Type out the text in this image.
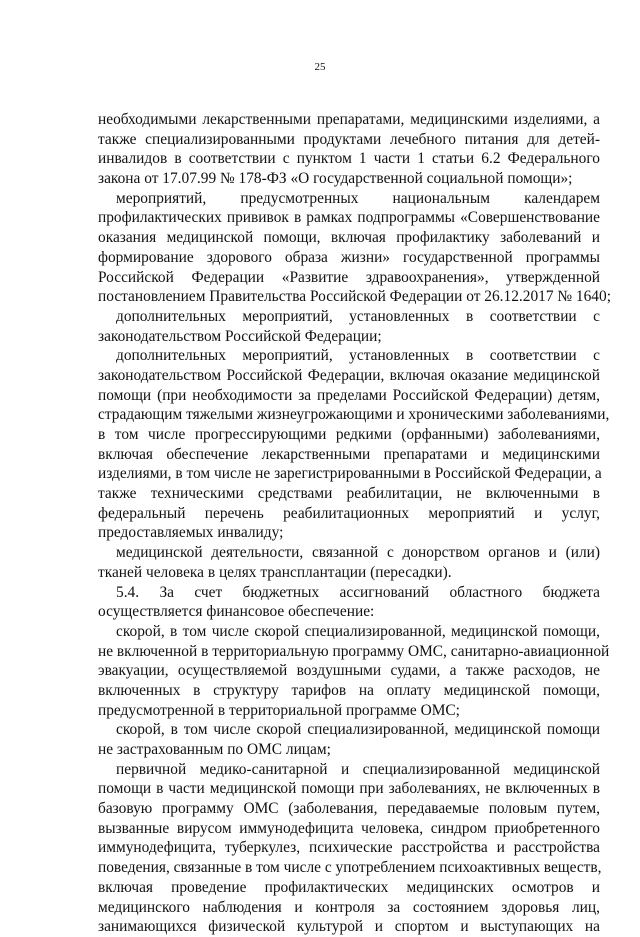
25
необходимыми лекарственными препаратами, медицинскими изделиями, а
также специализированными продуктами лечебного питания для детей-
инвалидов в соответствии с пунктом 1 части 1 статьи 6.2 Федерального
закона от 17.07.99 № 178-ФЗ «О государственной социальной помощи»;
мероприятий, предусмотренных национальным календарем
профилактических прививок в рамках подпрограммы «Совершенствование
оказания медицинской помощи, включая профилактику заболеваний и
формирование здорового образа жизни» государственной программы
Российской Федерации «Развитие здравоохранения», утвержденной
постановлением Правительства Российской Федерации от 26.12.2017 № 1640;
дополнительных мероприятий, установленных в соответствии с
законодательством Российской Федерации;
дополнительных мероприятий, установленных в соответствии с
законодательством Российской Федерации, включая оказание медицинской
помощи (при необходимости за пределами Российской Федерации) детям,
страдающим тяжелыми жизнеугрожающими и хроническими заболеваниями,
в том числе прогрессирующими редкими (орфанными) заболеваниями,
включая обеспечение лекарственными препаратами и медицинскими
изделиями, в том числе не зарегистрированными в Российской Федерации, а
также техническими средствами реабилитации, не включенными в
федеральный перечень реабилитационных мероприятий и услуг,
предоставляемых инвалиду;
медицинской деятельности, связанной с донорством органов и (или)
тканей человека в целях трансплантации (пересадки).
5.4. За счет бюджетных ассигнований областного бюджета
осуществляется финансовое обеспечение:
скорой, в том числе скорой специализированной, медицинской помощи,
не включенной в территориальную программу ОМС, санитарно-авиационной
эвакуации, осуществляемой воздушными судами, а также расходов, не
включенных в структуру тарифов на оплату медицинской помощи,
предусмотренной в территориальной программе ОМС;
скорой, в том числе скорой специализированной, медицинской помощи
не застрахованным по ОМС лицам;
первичной медико-санитарной и специализированной медицинской
помощи в части медицинской помощи при заболеваниях, не включенных в
базовую программу ОМС (заболевания, передаваемые половым путем,
вызванные вирусом иммунодефицита человека, синдром приобретенного
иммунодефицита, туберкулез, психические расстройства и расстройства
поведения, связанные в том числе с употреблением психоактивных веществ,
включая проведение профилактических медицинских осмотров и
медицинского наблюдения и контроля за состоянием здоровья лиц,
занимающихся физической культурой и спортом и выступающих на
